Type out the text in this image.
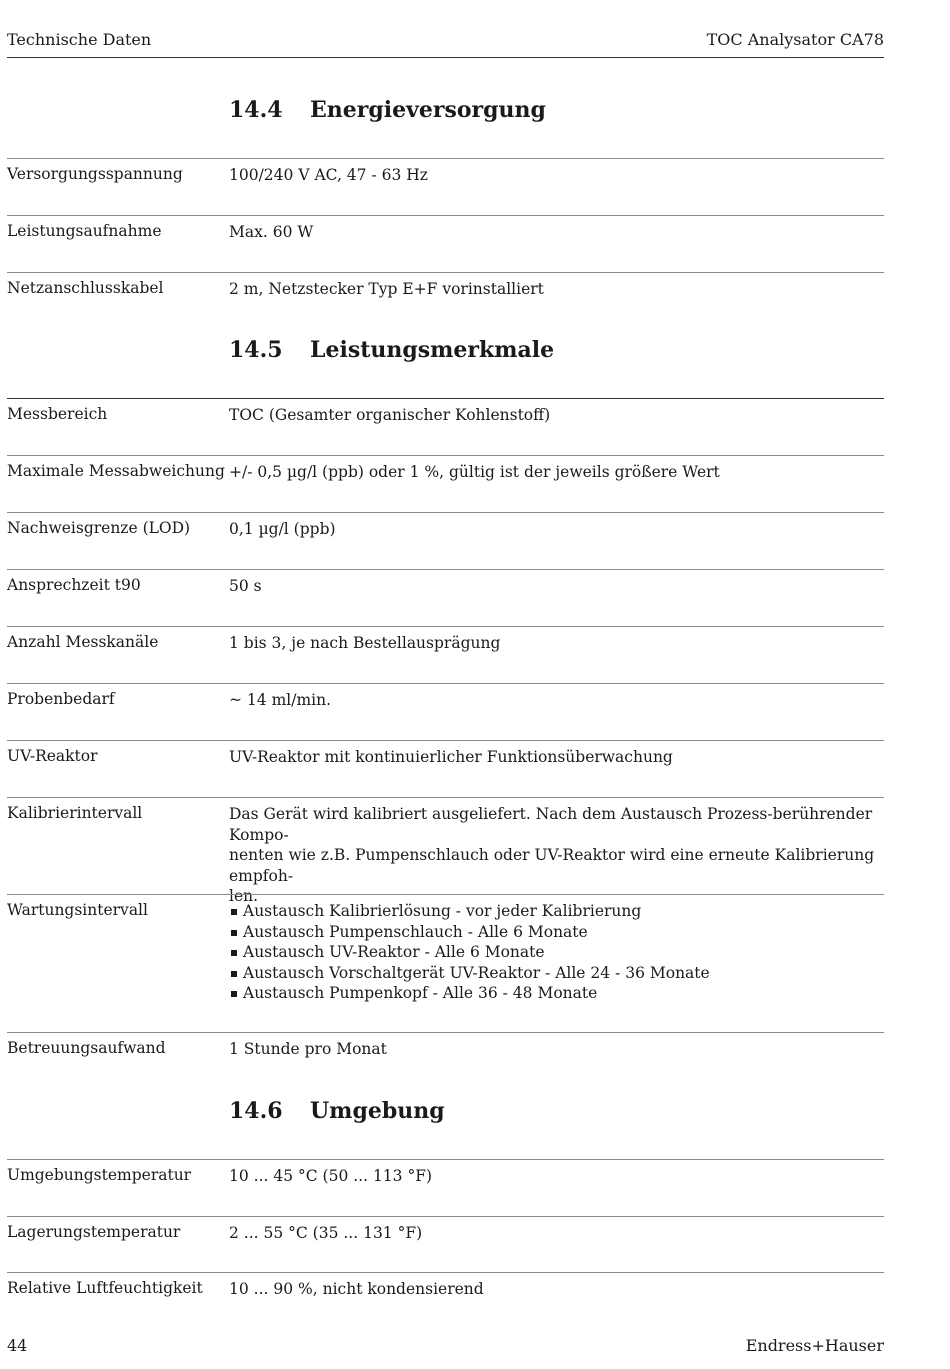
Technische Daten	TOC Analysator CA78
14.4 Energieversorgung
Versorgungsspannung	100/240 V AC, 47 - 63 Hz
Leistungsaufnahme	Max. 60 W
Netzanschlusskabel	2 m, Netzstecker Typ E+F vorinstalliert
14.5 Leistungsmerkmale
Messbereich	TOC (Gesamter organischer Kohlenstoff)
Maximale Messabweichung +/- 0,5 µg/l (ppb) oder 1 %, gültig ist der jeweils größere Wert
Nachweisgrenze (LOD)	0,1 µg/l (ppb)
Ansprechzeit t90	50 s
Anzahl Messkanäle	1 bis 3, je nach Bestellausprägung
Probenbedarf	~ 14 ml/min.
UV-Reaktor	UV-Reaktor mit kontinuierlicher Funktionsüberwachung
Kalibrierintervall	Das Gerät wird kalibriert ausgeliefert. Nach dem Austausch Prozess-berührender Kompo-
nenten wie z.B. Pumpenschlauch oder UV-Reaktor wird eine erneute Kalibrierung empfoh-
len.
Wartungsintervall	Austausch Kalibrierlösung - vor jeder Kalibrierung
Austausch Pumpenschlauch - Alle 6 Monate
Austausch UV-Reaktor - Alle 6 Monate
Austausch Vorschaltgerät UV-Reaktor - Alle 24 - 36 Monate
Austausch Pumpenkopf - Alle 36 - 48 Monate
Betreuungsaufwand	1 Stunde pro Monat
14.6 Umgebung
Umgebungstemperatur 10 ... 45 °C (50 ... 113 °F)
Lagerungstemperatur	2 ... 55 °C (35 ... 131 °F)
Relative Luftfeuchtigkeit 10 ... 90 %, nicht kondensierend
44	Endress+Hauser
